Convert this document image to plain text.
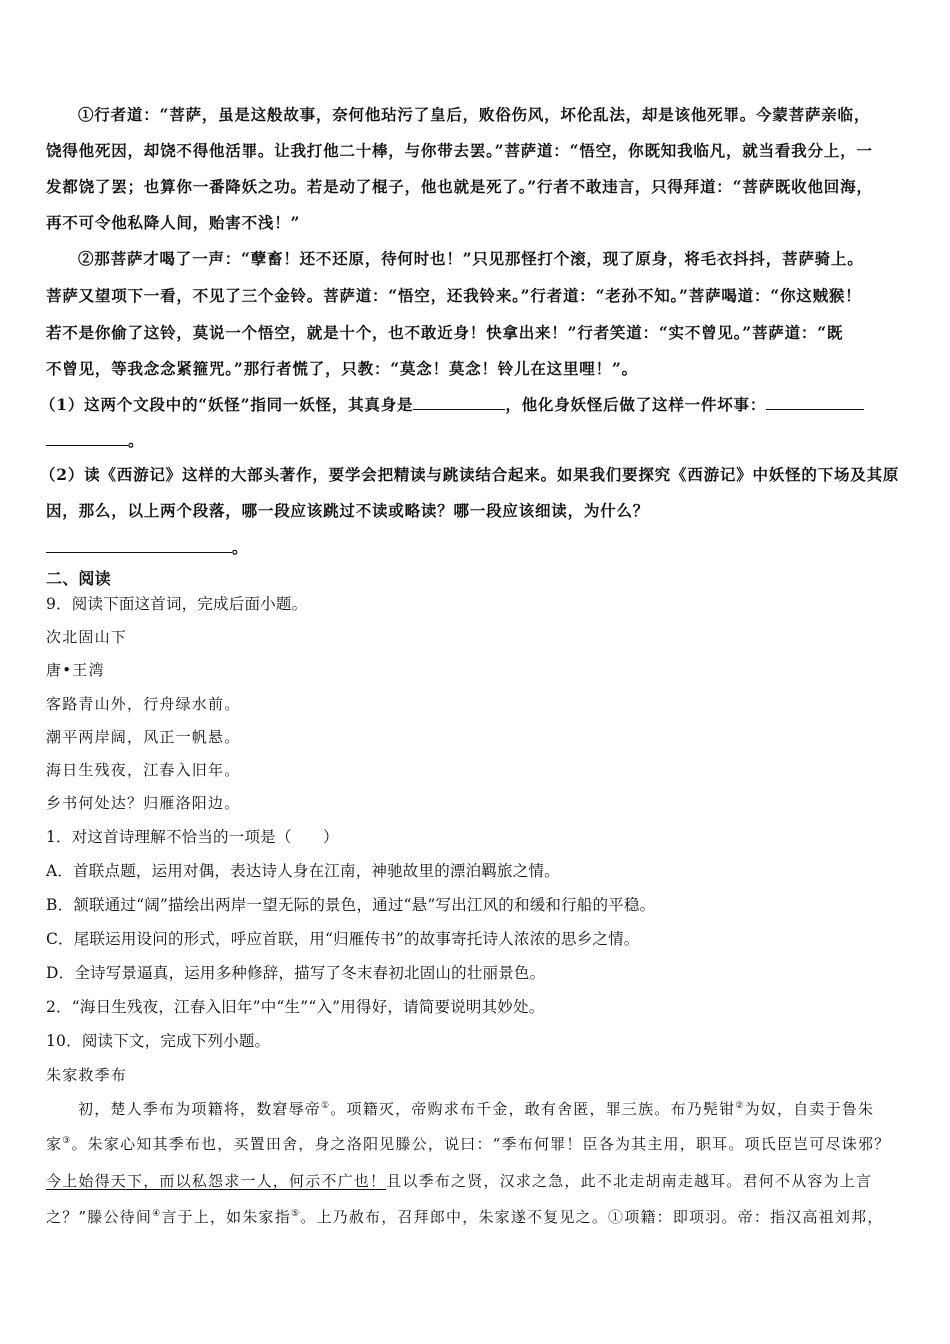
①行者道：“菩萨，虽是这般故事，奈何他玷污了皇后，败俗伤风，坏伦乱法，却是该他死罪。今蒙菩萨亲临，
饶得他死因，却饶不得他活罪。让我打他二十棒，与你带去罢。”菩萨道：“悟空，你既知我临凡，就当看我分上，一
发都饶了罢；也算你一番降妖之功。若是动了棍子，他也就是死了。”行者不敢违言，只得拜道：“菩萨既收他回海，
再不可令他私降人间，贻害不浅！”
②那菩萨才喝了一声：“孽畜！还不还原，待何时也！”只见那怪打个滚，现了原身，将毛衣抖抖，菩萨骑上。
菩萨又望项下一看，不见了三个金铃。菩萨道：“悟空，还我铃来。”行者道：“老孙不知。”菩萨喝道：“你这贼猴！
若不是你偷了这铃，莫说一个悟空，就是十个，也不敢近身！快拿出来！”行者笑道：“实不曾见。”菩萨道：“既
不曾见，等我念念紧箍咒。”那行者慌了，只教：“莫念！莫念！铃儿在这里哩！”。
（1）这两个文段中的“妖怪”指同一妖怪，其真身是	，他化身妖怪后做了这样一件坏事：
。
（2）读《西游记》这样的大部头著作，要学会把精读与跳读结合起来。如果我们要探究《西游记》中妖怪的下场及其原
因，那么，以上两个段落，哪一段应该跳过不读或略读？哪一段应该细读，为什么？
。
二、阅读
9．阅读下面这首词，完成后面小题。
次北固山下
唐•王湾
客路青山外，行舟绿水前。
潮平两岸阔，风正一帆悬。
海日生残夜，江春入旧年。
乡书何处达？归雁洛阳边。
1．对这首诗理解不恰当的一项是（　　）
A．首联点题，运用对偶，表达诗人身在江南，神驰故里的漂泊羁旅之情。
B．颔联通过“阔”描绘出两岸一望无际的景色，通过“悬”写出江风的和缓和行船的平稳。
C．尾联运用设问的形式，呼应首联，用“归雁传书”的故事寄托诗人浓浓的思乡之情。
D．全诗写景逼真，运用多种修辞，描写了冬末春初北固山的壮丽景色。
2．“海日生残夜，江春入旧年”中“生”“入”用得好，请简要说明其妙处。
10．阅读下文，完成下列小题。
朱家救季布
初，楚人季布为项籍将，数窘辱帝①。项籍灭，帝购求布千金，敢有舍匿，罪三族。布乃髡钳②为奴，自卖于鲁朱
家③。朱家心知其季布也，买置田舍，身之洛阳见滕公，说曰：“季布何罪！臣各为其主用，职耳。项氏臣岂可尽诛邪？
今上始得天下，而以私怨求一人，何示不广也！且以季布之贤，汉求之急，此不北走胡南走越耳。君何不从容为上言
之？”滕公待间④言于上，如朱家指⑤。上乃赦布，召拜郎中，朱家遂不复见之。①项籍：即项羽。帝：指汉高祖刘邦，
